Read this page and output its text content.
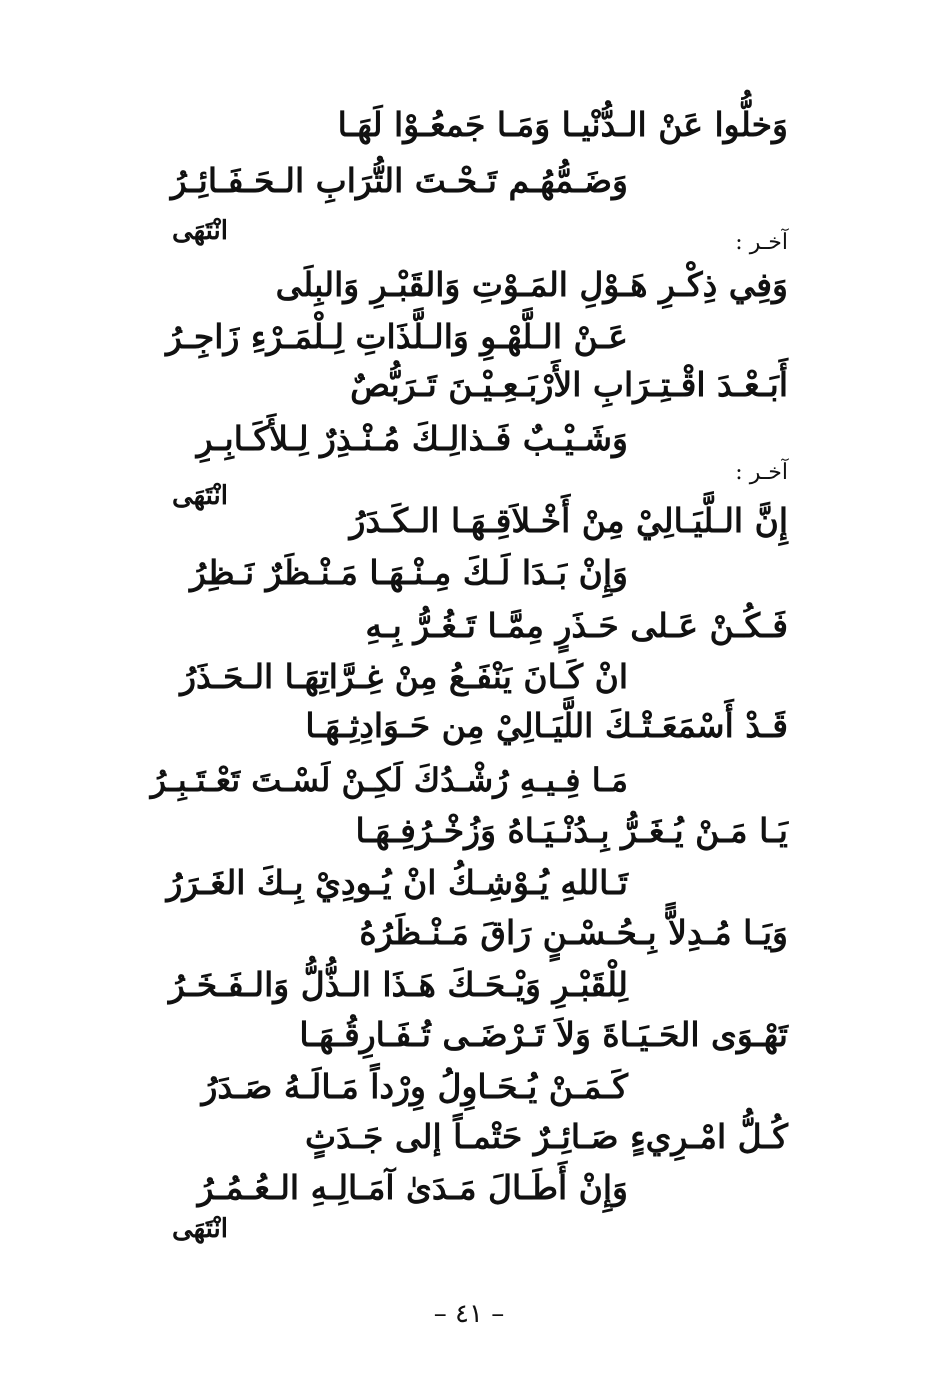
وَخلُّوا عَنْ الـدُّنْيـا وَمَـا جَمعُـوْا لَهَـا
وَضَـمُّهُـم تَـحْـتَ التُّرَابِ الـحَـفَـائِـرُ
انْتَهَى	آخـر :
وَفِي ذِكْـرِ هَـوْلِ المَـوْتِ وَالقَبْـرِ وَالبِلَى
عَـنْ الـلَّهْـوِ وَالـلَّذَاتِ لِـلْمَـرْءِ زَاجِـرُ
أَبَـعْـدَ اقْـتِـرَابِ الأَرْبَـعِـيْـنَ تَـرَبُّصٌ
وَشَـيْـبٌ فَـذالِـكَ مُـنْـذِرٌ لِـلأَكَـابِـرِ
آخـر :
انْتَهَى
إِنَّ الـلَّيَـالِيْ مِنْ أَخْـلاَقِـهَـا الـكَـدَرُ
وَإِنْ بَـدَا لَـكَ مِـنْـهَـا مَـنْـظَرٌ نَـظِرُ
فَـكُـنْ عَـلى حَـذَرٍ مِمَّـا تَـغُـرُّ بِـهِ
انْ كَـانَ يَنْفَـعُ مِنْ غِـرَّاتِهَـا الـحَـذَرُ
قَـدْ أَسْمَعَـتْـكَ اللَّيَـالِيْ مِن حَـوَادِثِـهَـا
مَـا فِـيـهِ رُشْـدُكَ لَكِـنْ لَسْـتَ تَعْـتَـبِـرُ
يَـا مَـنْ يُـغَـرُّ بِـدُنْـيَـاهُ وَزُخْـرُفِـهَـا
تَـاللهِ يُـوْشِـكُ انْ يُـودِيْ بِـكَ الغَـرَرُ
وَيَـا مُـدِلاًّ بِـحُـسْـنٍ رَاقَ مَـنْـظَرُهُ
لِلْقَبْـرِ وَيْـحَـكَ هَـذَا الـذُّلُّ وَالـفَـخَـرُ
تَهْـوَى الحَـيَـاةَ وَلاَ تَـرْضَـى تُـفَـارِقُـهَـا
كَـمَـنْ يُـحَـاوِلُ وِرْداً مَـالَـهُ صَـدَرُ
كُـلُّ امْـرِيءٍ صَـائِـرٌ حَتْمـاً إلى جَـدَثٍ
وَإِنْ أَطَـالَ مَـدَىٰ آمَـالِـهِ الـعُـمُـرُ
انْتَهَى
– ٤١ –
